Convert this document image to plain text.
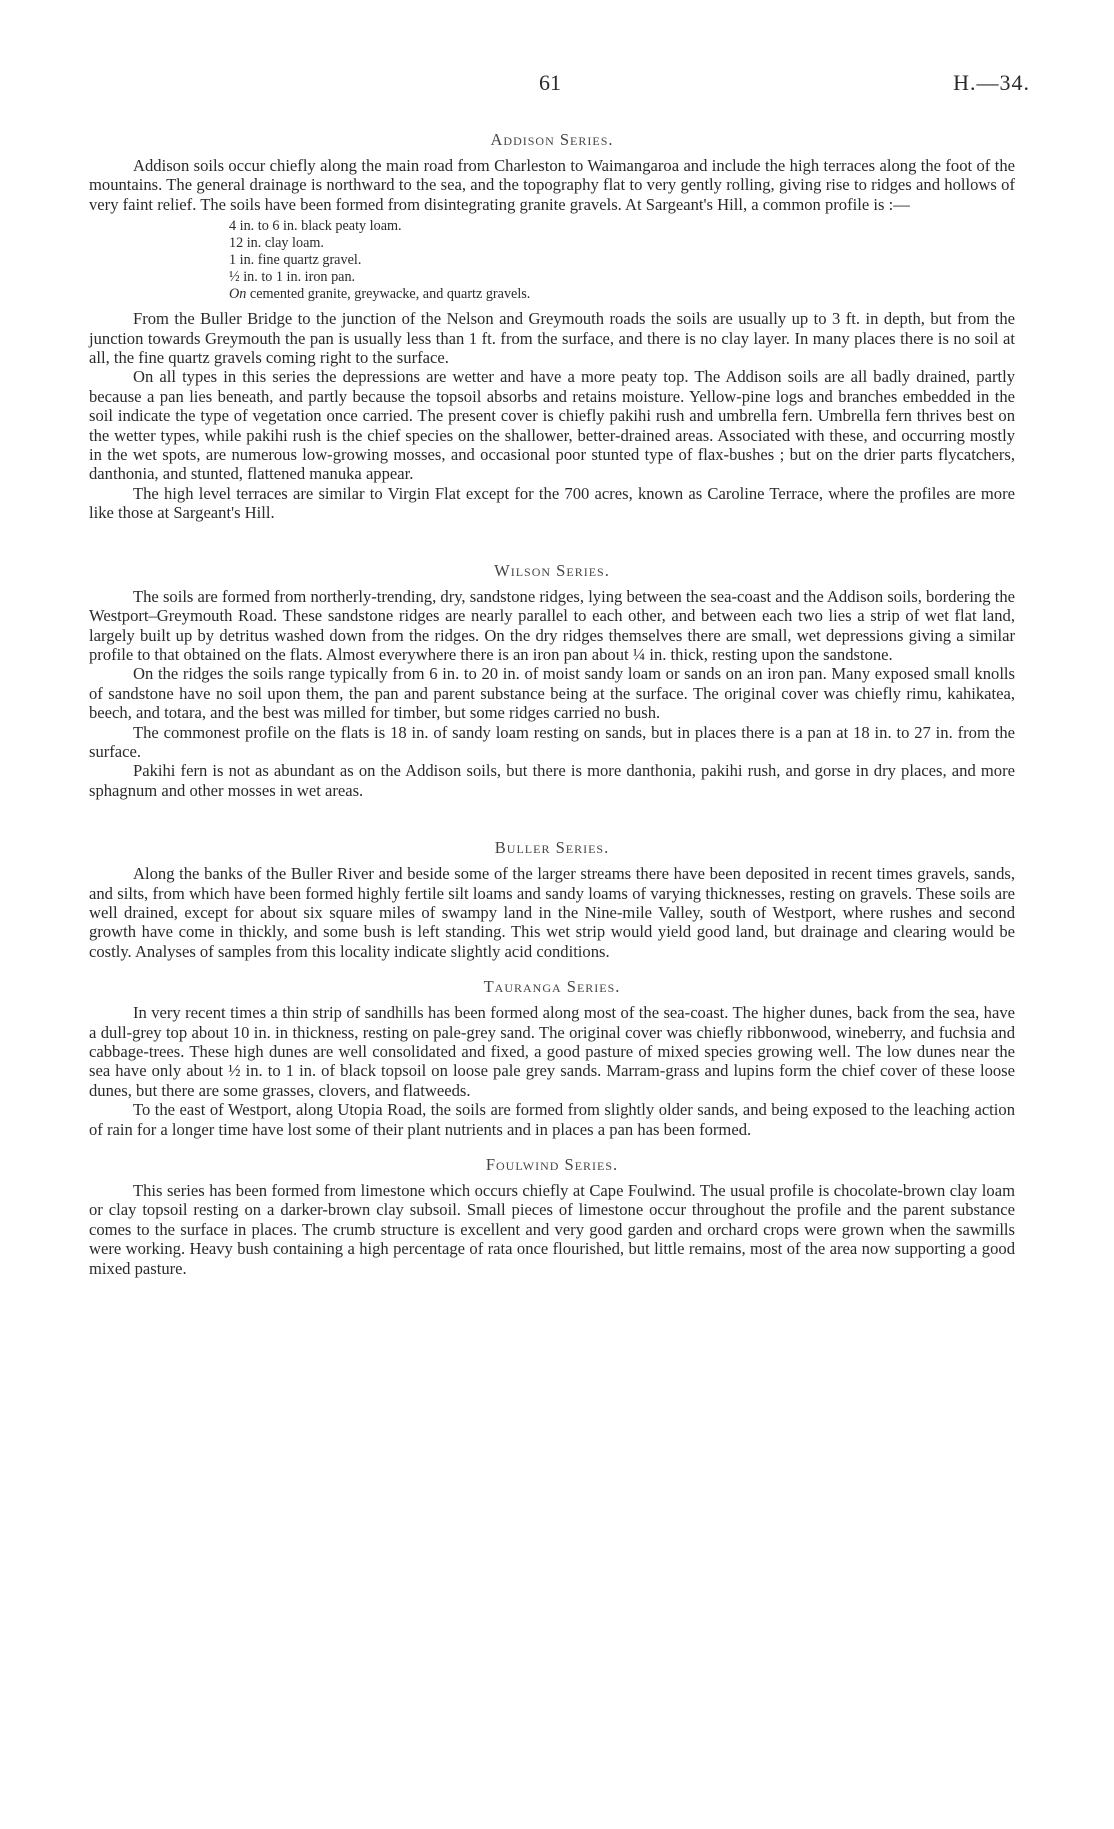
61	H.—34.
Addison Series.

Addison soils occur chiefly along the main road from Charleston to Waimangaroa and include the high terraces along the foot of the mountains. The general drainage is northward to the sea, and the topography flat to very gently rolling, giving rise to ridges and hollows of very faint relief. The soils have been formed from disintegrating granite gravels. At Sargeant's Hill, a common profile is :—

4 in. to 6 in. black peaty loam.
12 in. clay loam.
1 in. fine quartz gravel.
½ in. to 1 in. iron pan.
On cemented granite, greywacke, and quartz gravels.

From the Buller Bridge to the junction of the Nelson and Greymouth roads the soils are usually up to 3 ft. in depth, but from the junction towards Greymouth the pan is usually less than 1 ft. from the surface, and there is no clay layer. In many places there is no soil at all, the fine quartz gravels coming right to the surface.

On all types in this series the depressions are wetter and have a more peaty top. The Addison soils are all badly drained, partly because a pan lies beneath, and partly because the topsoil absorbs and retains moisture. Yellow-pine logs and branches embedded in the soil indicate the type of vegetation once carried. The present cover is chiefly pakihi rush and umbrella fern. Umbrella fern thrives best on the wetter types, while pakihi rush is the chief species on the shallower, better-drained areas. Associated with these, and occurring mostly in the wet spots, are numerous low-growing mosses, and occasional poor stunted type of flax-bushes ; but on the drier parts flycatchers, danthonia, and stunted, flattened manuka appear.

The high level terraces are similar to Virgin Flat except for the 700 acres, known as Caroline Terrace, where the profiles are more like those at Sargeant's Hill.

Wilson Series.

The soils are formed from northerly-trending, dry, sandstone ridges, lying between the sea-coast and the Addison soils, bordering the Westport–Greymouth Road. These sandstone ridges are nearly parallel to each other, and between each two lies a strip of wet flat land, largely built up by detritus washed down from the ridges. On the dry ridges themselves there are small, wet depressions giving a similar profile to that obtained on the flats. Almost everywhere there is an iron pan about ¼ in. thick, resting upon the sandstone.

On the ridges the soils range typically from 6 in. to 20 in. of moist sandy loam or sands on an iron pan. Many exposed small knolls of sandstone have no soil upon them, the pan and parent substance being at the surface. The original cover was chiefly rimu, kahikatea, beech, and totara, and the best was milled for timber, but some ridges carried no bush.

The commonest profile on the flats is 18 in. of sandy loam resting on sands, but in places there is a pan at 18 in. to 27 in. from the surface.

Pakihi fern is not as abundant as on the Addison soils, but there is more danthonia, pakihi rush, and gorse in dry places, and more sphagnum and other mosses in wet areas.

Buller Series.

Along the banks of the Buller River and beside some of the larger streams there have been deposited in recent times gravels, sands, and silts, from which have been formed highly fertile silt loams and sandy loams of varying thicknesses, resting on gravels. These soils are well drained, except for about six square miles of swampy land in the Nine-mile Valley, south of Westport, where rushes and second growth have come in thickly, and some bush is left standing. This wet strip would yield good land, but drainage and clearing would be costly. Analyses of samples from this locality indicate slightly acid conditions.

Tauranga Series.

In very recent times a thin strip of sandhills has been formed along most of the sea-coast. The higher dunes, back from the sea, have a dull-grey top about 10 in. in thickness, resting on pale-grey sand. The original cover was chiefly ribbonwood, wineberry, and fuchsia and cabbage-trees. These high dunes are well consolidated and fixed, a good pasture of mixed species growing well. The low dunes near the sea have only about ½ in. to 1 in. of black topsoil on loose pale grey sands. Marram-grass and lupins form the chief cover of these loose dunes, but there are some grasses, clovers, and flatweeds.

To the east of Westport, along Utopia Road, the soils are formed from slightly older sands, and being exposed to the leaching action of rain for a longer time have lost some of their plant nutrients and in places a pan has been formed.

Foulwind Series.

This series has been formed from limestone which occurs chiefly at Cape Foulwind. The usual profile is chocolate-brown clay loam or clay topsoil resting on a darker-brown clay subsoil. Small pieces of limestone occur throughout the profile and the parent substance comes to the surface in places. The crumb structure is excellent and very good garden and orchard crops were grown when the sawmills were working. Heavy bush containing a high percentage of rata once flourished, but little remains, most of the area now supporting a good mixed pasture.
